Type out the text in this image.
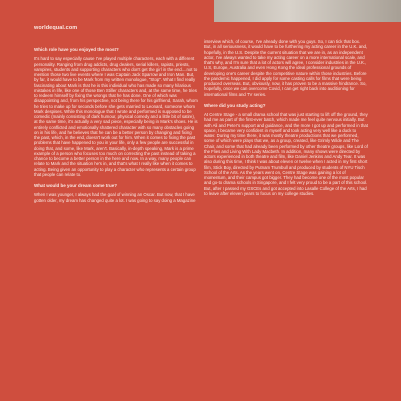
worldequal.com

Which role have you enjoyed the most?

It's hard to say especially cause I've played multiple characters, each with a different personality. Ranging from drug addicts, drug dealers, serial killers, rapists, priests, vampires, students and supporting characters who don't get the girl in the end....not to mention those two live events where I was Captain Jack Sparrow and Iron Man. But, by far, it would have to be Mark from my written monologue, "Stop". What I find really fascinating about Mark is that he is this individual who has made so many hilarious mistakes in life, like one of those Ben Stiller characters and, at the same time, he tries to redeem himself by fixing the wrongs that he has done. One of which was disappointing and, from his perspective, not being there for his girlfriend, Sarah, whom he tries to make up for seconds before she gets married to Leonard, someone whom Mark despises. While this monologue that I wrote and performed is supposed to be comedic (mainly consisting of dark humour, physical comedy and a little bit of satire), at the same time, it's actually a very sad piece, especially being in Mark's shoes. He is entirely conflicted and emotionally shattered character with so many obstacles going on in his life, and he believes that he can be a better person by changing and fixing the past, which, in the end, doesn't work out for him. When it comes to fixing the past problems that have happened to you in your life, only a few people are successful in doing that, and some, like Mark, aren't. Basically, in-depth speaking, Mark is a prime example of a person who focuses too much on correcting the past instead of taking a chance to become a better person in the here and now. In a way, many people can relate to Mark and the situation he's in, and that's what I really like when it comes to acting. Being given an opportunity to play a character who represents a certain group that people can relate to.

What would be your dream come true?

When I was younger, I always had the goal of winning an Oscar. But now, that I have gotten older, my dream has changed quite a lot. I was going to say doing a Magazine

interview which, of course, I've already done with you guys. So, I can tick that box. But, in all seriousness, it would have to be furthering my acting career in the U.K. and, hopefully, in the U.S. Despite the current situation that we are in, as an independent actor, I've always wanted to take my acting career on a more international scale, and that's why, and I'm sure that a lot of actors will agree, I consider industries in the U.K., U.S, Europe, Australia and even Hong Kong the ideal professional grounds of developing one's career despite the competitive nature within those industries. Before the pandemic happened, I did apply for some casting calls for films that were being produced overseas. But, obviously, now, it has proven to be a massive hindrance. So, hopefully, once we can overcome Covid, I can get right back into auditioning for international films and TV series.

Where did you study acting?

At Centre Stage - a small drama school that was just starting to lift off the ground, they had me as part of the first-ever batch, which made me feel quite nervous initially. But with Ali and Peter's support and guidance, and the more I got up and performed in that space, I became very confident in myself and took acting very well like a duck to water. During my time there, it was mostly theatre productions that we performed, some of which were plays that we, as a group, created, like Grimly Wilde and The Chair, and some that had already been performed by other theatre groups, like Lord of the Flies and Living With Lady Macbeth. In addition, many shows were directed by actors experienced in both theatre and film, like Daniel Jenkins and Andy Tear. It was also during this time, I think I was about eleven or twelve when I acted in my first short film, Stick Boy, directed by Putnam Trumbull and produced by students of NYU Tisch School of the Arts. As the years went on, Centre Stage was gaining a lot of momentum, and their campus got bigger. They had become one of the most popular and go-to drama schools in Singapore, and I felt very proud to be a part of this school. But, after I passed my GSCEs and got accepted into Lasalle College of the Arts, I had to leave after eleven years to focus on my college studies.
